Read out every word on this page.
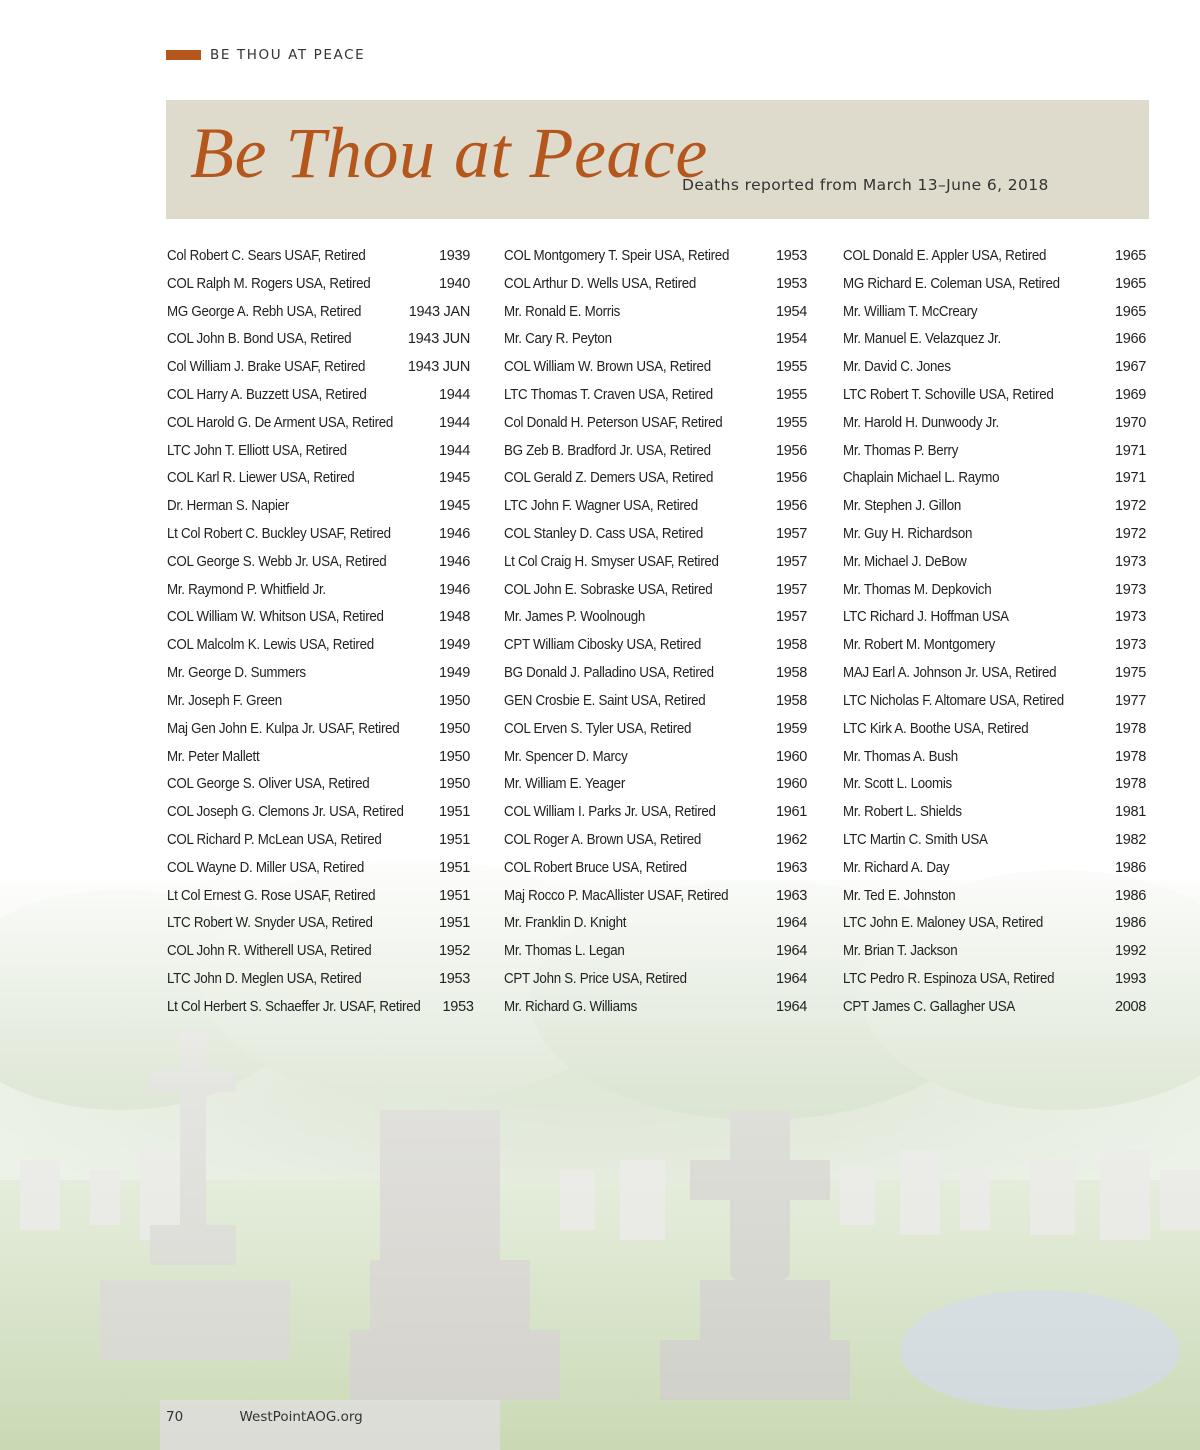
BE THOU AT PEACE
Be Thou at Peace
Deaths reported from March 13–June 6, 2018
Col Robert C. Sears USAF, Retired	1939
COL Ralph M. Rogers USA, Retired	1940
MG George A. Rebh USA, Retired	1943 JAN
COL John B. Bond USA, Retired	1943 JUN
Col William J. Brake USAF, Retired	1943 JUN
COL Harry A. Buzzett USA, Retired	1944
COL Harold G. De Arment USA, Retired	1944
LTC John T. Elliott USA, Retired	1944
COL Karl R. Liewer USA, Retired	1945
Dr. Herman S. Napier	1945
Lt Col Robert C. Buckley USAF, Retired	1946
COL George S. Webb Jr. USA, Retired	1946
Mr. Raymond P. Whitfield Jr.	1946
COL William W. Whitson USA, Retired	1948
COL Malcolm K. Lewis USA, Retired	1949
Mr. George D. Summers	1949
Mr. Joseph F. Green	1950
Maj Gen John E. Kulpa Jr. USAF, Retired	1950
Mr. Peter Mallett	1950
COL George S. Oliver USA, Retired	1950
COL Joseph G. Clemons Jr. USA, Retired 1951
COL Richard P. McLean USA, Retired	1951
COL Wayne D. Miller USA, Retired	1951
Lt Col Ernest G. Rose USAF, Retired	1951
LTC Robert W. Snyder USA, Retired	1951
COL John R. Witherell USA, Retired	1952
LTC John D. Meglen USA, Retired	1953
Lt Col Herbert S. Schaeffer Jr. USAF, Retired 1953
COL Montgomery T. Speir USA, Retired	1953
COL Arthur D. Wells USA, Retired	1953
Mr. Ronald E. Morris	1954
Mr. Cary R. Peyton	1954
COL William W. Brown USA, Retired	1955
LTC Thomas T. Craven USA, Retired	1955
Col Donald H. Peterson USAF, Retired	1955
BG Zeb B. Bradford Jr. USA, Retired	1956
COL Gerald Z. Demers USA, Retired	1956
LTC John F. Wagner USA, Retired	1956
COL Stanley D. Cass USA, Retired	1957
Lt Col Craig H. Smyser USAF, Retired	1957
COL John E. Sobraske USA, Retired	1957
Mr. James P. Woolnough	1957
CPT William Cibosky USA, Retired	1958
BG Donald J. Palladino USA, Retired	1958
GEN Crosbie E. Saint USA, Retired	1958
COL Erven S. Tyler USA, Retired	1959
Mr. Spencer D. Marcy	1960
Mr. William E. Yeager	1960
COL William I. Parks Jr. USA, Retired	1961
COL Roger A. Brown USA, Retired	1962
COL Robert Bruce USA, Retired	1963
Maj Rocco P. MacAllister USAF, Retired	1963
Mr. Franklin D. Knight	1964
Mr. Thomas L. Legan	1964
CPT John S. Price USA, Retired	1964
Mr. Richard G. Williams	1964
COL Donald E. Appler USA, Retired	1965
MG Richard E. Coleman USA, Retired	1965
Mr. William T. McCreary	1965
Mr. Manuel E. Velazquez Jr.	1966
Mr. David C. Jones	1967
LTC Robert T. Schoville USA, Retired	1969
Mr. Harold H. Dunwoody Jr.	1970
Mr. Thomas P. Berry	1971
Chaplain Michael L. Raymo	1971
Mr. Stephen J. Gillon	1972
Mr. Guy H. Richardson	1972
Mr. Michael J. DeBow	1973
Mr. Thomas M. Depkovich	1973
LTC Richard J. Hoffman USA	1973
Mr. Robert M. Montgomery	1973
MAJ Earl A. Johnson Jr. USA, Retired	1975
LTC Nicholas F. Altomare USA, Retired	1977
LTC Kirk A. Boothe USA, Retired	1978
Mr. Thomas A. Bush	1978
Mr. Scott L. Loomis	1978
Mr. Robert L. Shields	1981
LTC Martin C. Smith USA	1982
Mr. Richard A. Day	1986
Mr. Ted E. Johnston	1986
LTC John E. Maloney USA, Retired	1986
Mr. Brian T. Jackson	1992
LTC Pedro R. Espinoza USA, Retired	1993
CPT James C. Gallagher USA	2008
70	WestPointAOG.org
